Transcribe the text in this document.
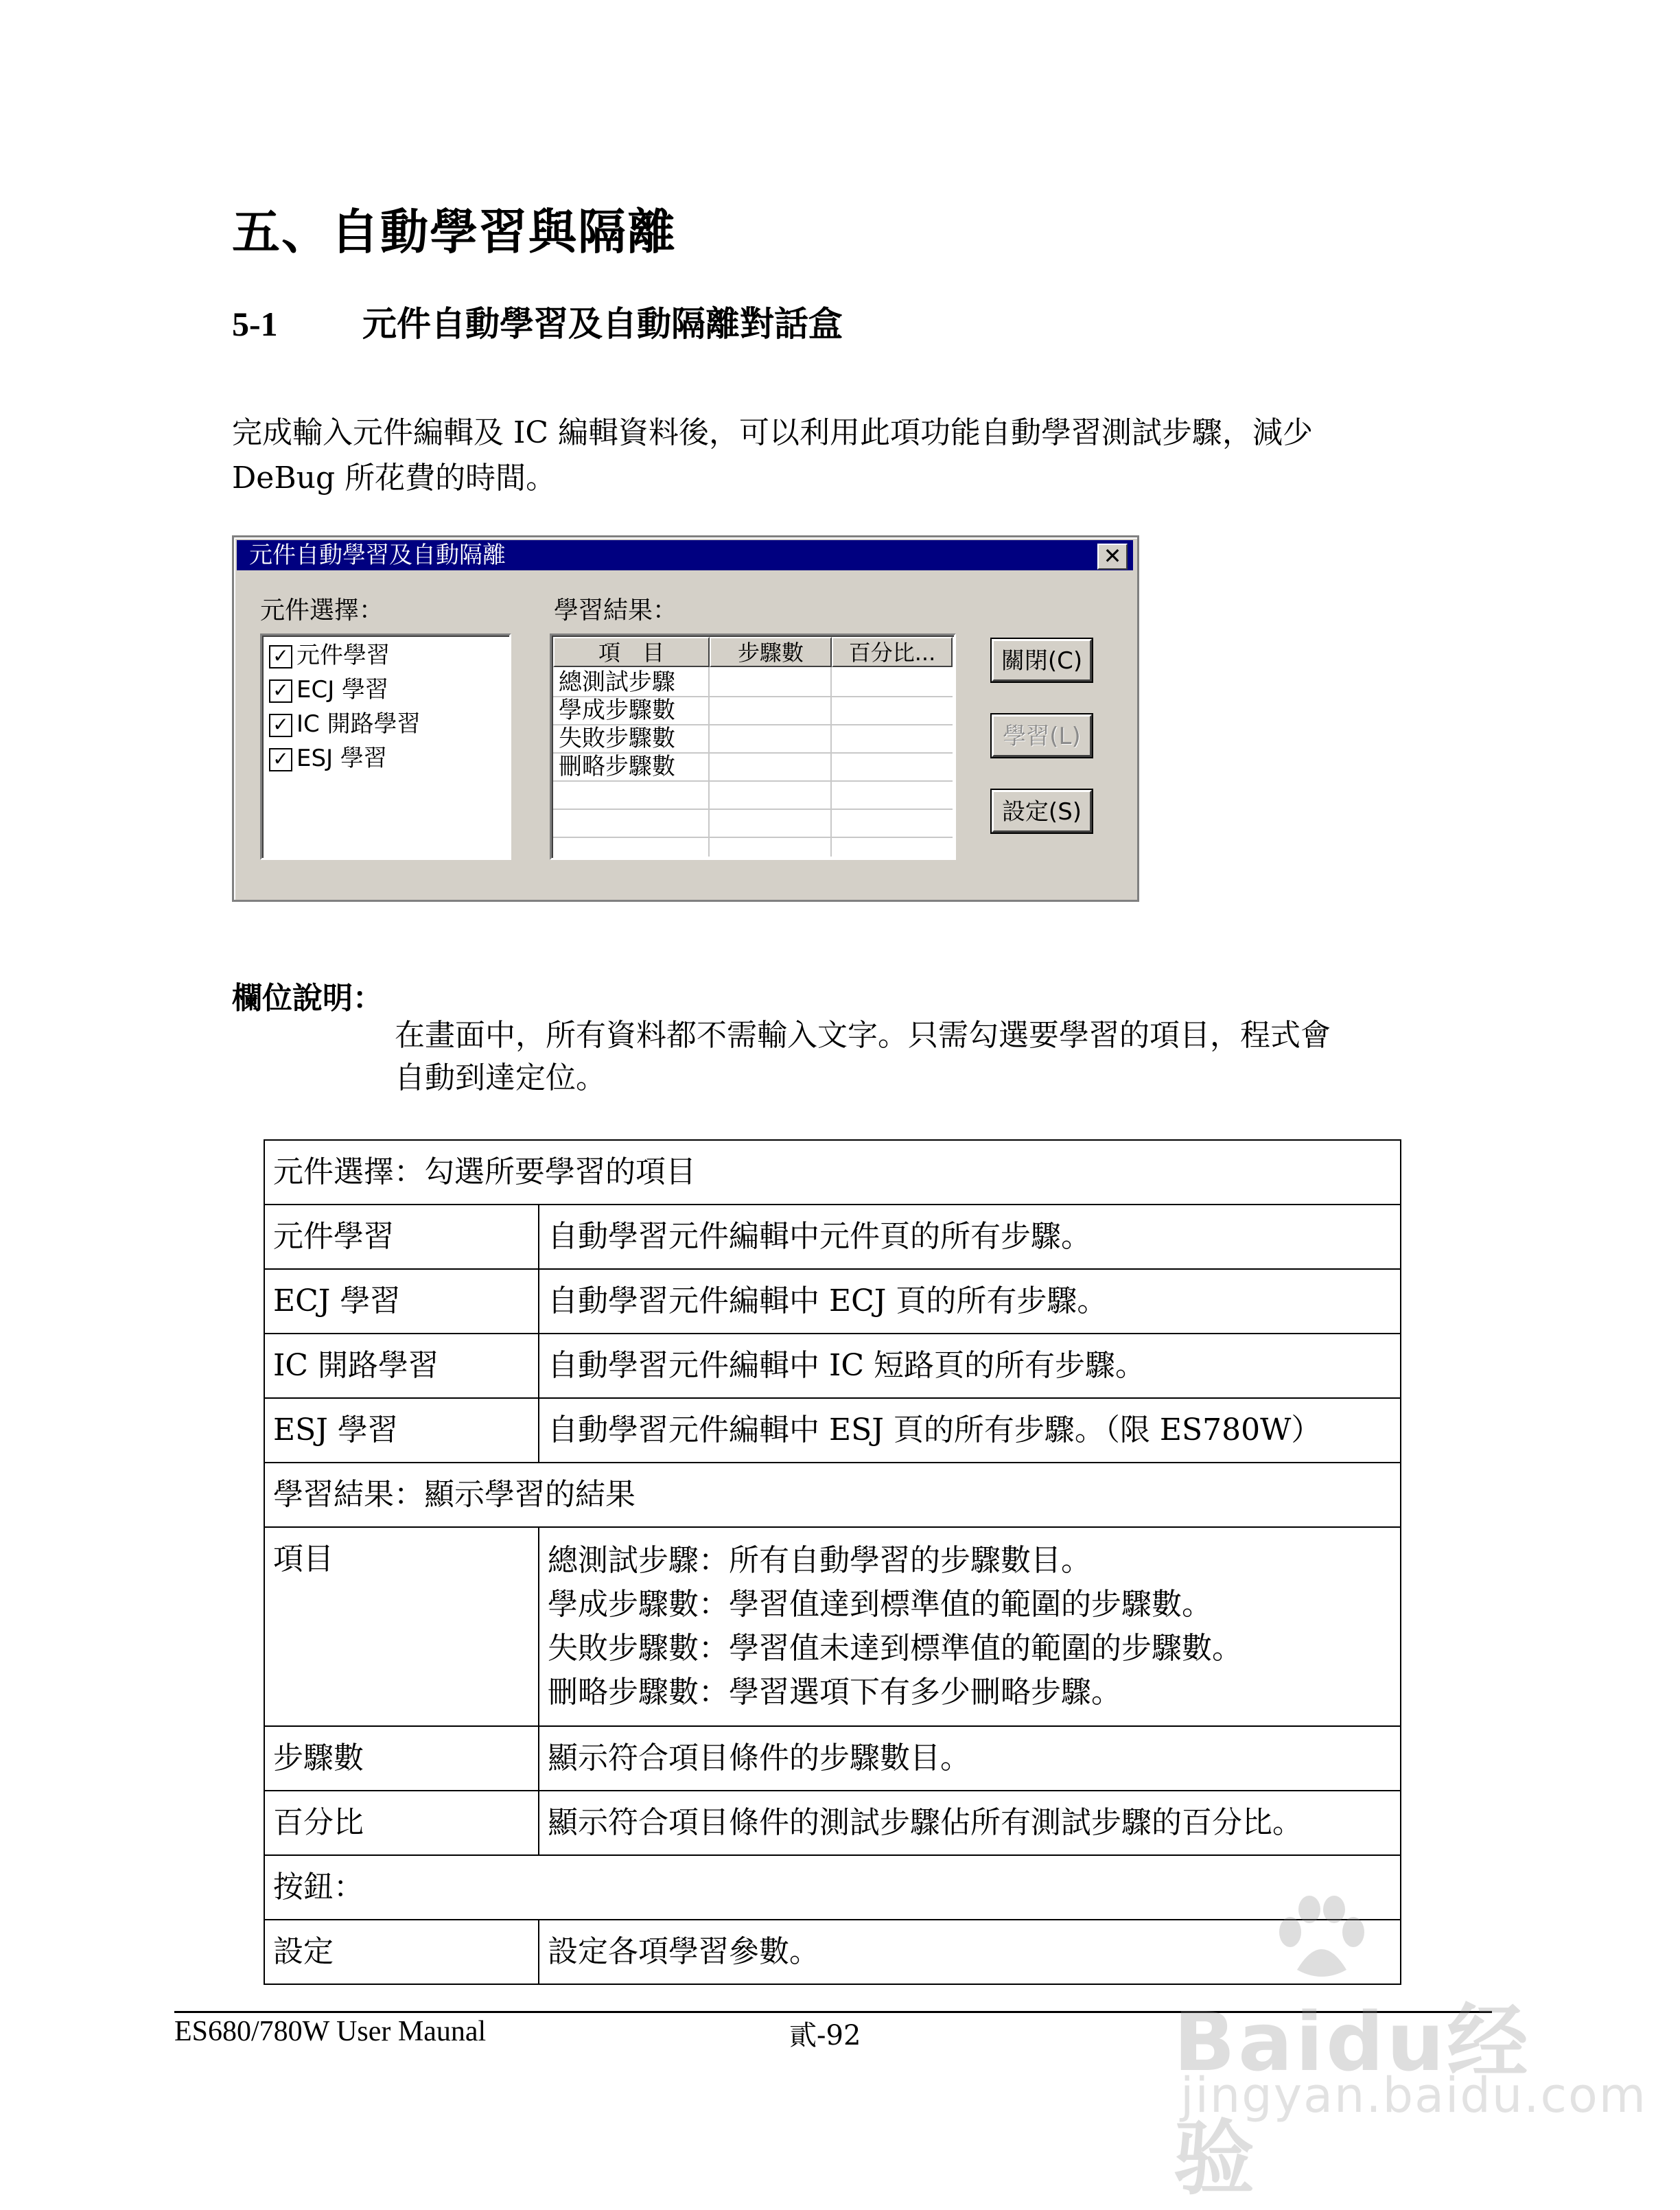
五、自動學習與隔離
5-1 元件自動學習及自動隔離對話盒

完成輸入元件編輯及 IC 編輯資料後，可以利用此項功能自動學習測試步驟，減少

DeBug 所花費的時間。

元件自動學習及自動隔離	✕
元件選擇：
✓ 元件學習
✓ ECJ 學習
✓ IC 開路學習
✓ ESJ 學習
學習結果：
項　目	步驟數	百分比...
總測試步驟
學成步驟數
失敗步驟數
刪略步驟數
關閉(C)
學習(L)
設定(S)
欄位說明：

在畫面中，所有資料都不需輸入文字。只需勾選要學習的項目，程式會

自動到達定位。

元件選擇：勾選所要學習的項目	
元件學習	自動學習元件編輯中元件頁的所有步驟。
ECJ 學習	自動學習元件編輯中 ECJ 頁的所有步驟。
IC 開路學習	自動學習元件編輯中 IC 短路頁的所有步驟。
ESJ 學習	自動學習元件編輯中 ESJ 頁的所有步驟。（限 ES780W）
學習結果：顯示學習的結果	
項目	總測試步驟：所有自動學習的步驟數目。
學成步驟數：學習值達到標準值的範圍的步驟數。
失敗步驟數：學習值未達到標準值的範圍的步驟數。
刪略步驟數：學習選項下有多少刪略步驟。

步驟數	顯示符合項目條件的步驟數目。
百分比	顯示符合項目條件的測試步驟佔所有測試步驟的百分比。
按鈕：	
設定	設定各項學習參數。
ES680/780W User Maunal	貳-92	Baidu经验
jingyan.baidu.com
